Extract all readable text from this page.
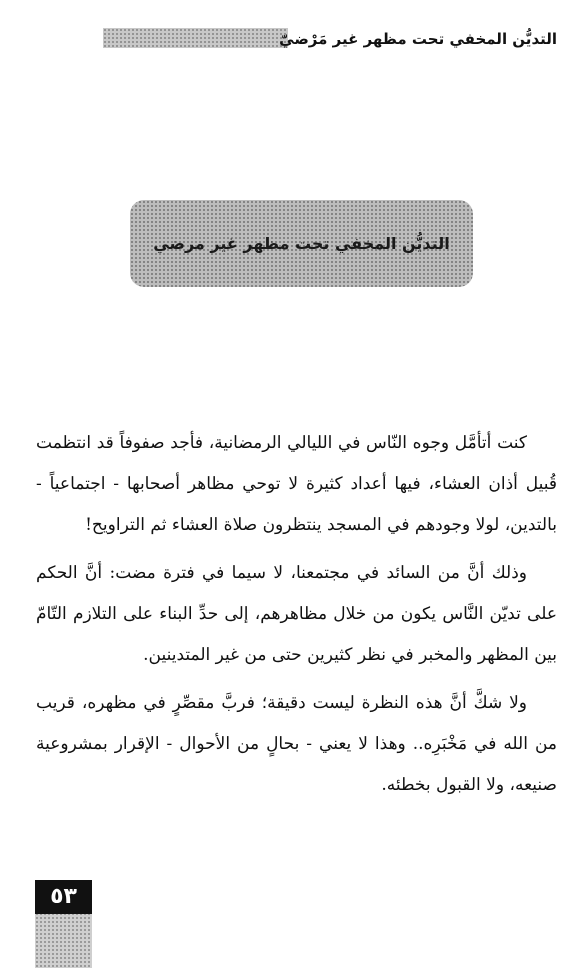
التديُّن المخفي تحت مظهر غير مَرْضيّ
التديُّن المخفي تحت مظهر غير مرضي

كنت أتأمَّل وجوه النّاس في الليالي الرمضانية، فأجد صفوفاً قد انتظمت قُبيل أذان العشاء، فيها أعداد كثيرة لا توحي مظاهر أصحابها - اجتماعياً - بالتدين، لولا وجودهم في المسجد ينتظرون صلاة العشاء ثم التراويح!

وذلك أنَّ من السائد في مجتمعنا، لا سيما في فترة مضت: أنَّ الحكم على تديّن النَّاس يكون من خلال مظاهرهم، إلى حدِّ البناء على التلازم التّامّ بين المظهر والمخبر في نظر كثيرين حتى من غير المتدينين.

ولا شكَّ أنَّ هذه النظرة ليست دقيقة؛ فربَّ مقصِّرٍ في مظهره، قريب من الله في مَخْبَرِه.. وهذا لا يعني - بحالٍ من الأحوال - الإقرار بمشروعية صنيعه، ولا القبول بخطئه.

٥٣
